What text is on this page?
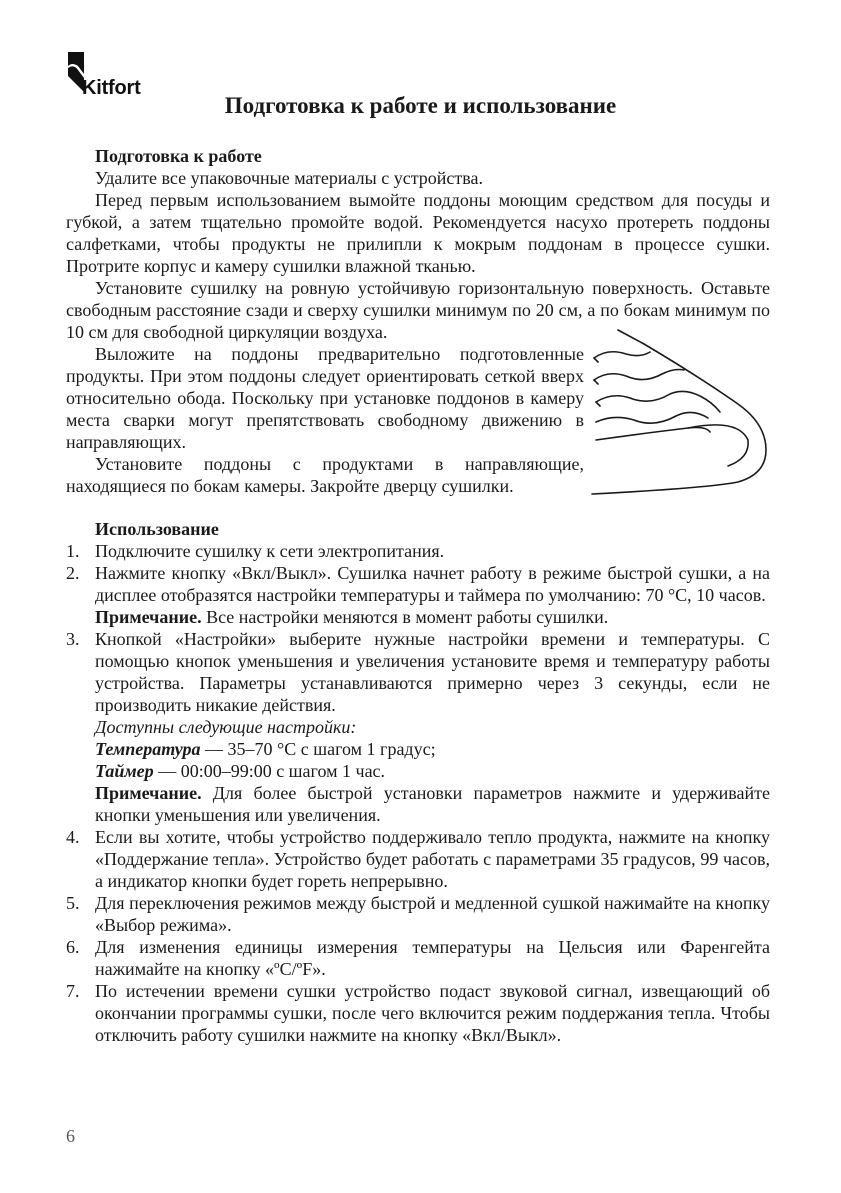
Kitfort
Подготовка к работе и использование

Подготовка к работе

Удалите все упаковочные материалы с устройства.

Перед первым использованием вымойте поддоны моющим средством для посуды и губкой, а затем тщательно промойте водой. Рекомендуется насухо протереть поддоны салфетками, чтобы продукты не прилипли к мокрым поддонам в процессе сушки. Протрите корпус и камеру сушилки влажной тканью.

Установите сушилку на ровную устойчивую горизонтальную поверхность. Оставьте свободным расстояние сзади и сверху сушилки минимум по 20 см, а по бокам минимум по 10 см для свободной циркуляции воздуха.

Выложите на поддоны предварительно подготовленные продукты. При этом поддоны следует ориентировать сеткой вверх относительно обода. Поскольку при установке поддонов в камеру места сварки могут препятствовать свободному движению в направляющих.

Установите поддоны с продуктами в направляющие, находящиеся по бокам камеры. Закройте дверцу сушилки.

Использование

1. Подключите сушилку к сети электропитания.

2. Нажмите кнопку «Вкл/Выкл». Сушилка начнет работу в режиме быстрой сушки, а на дисплее отобразятся настройки температуры и таймера по умолчанию: 70 °С, 10 часов.

Примечание. Все настройки меняются в момент работы сушилки.

3. Кнопкой «Настройки» выберите нужные настройки времени и температуры. С помощью кнопок уменьшения и увеличения установите время и температуру работы устройства. Параметры устанавливаются примерно через 3 секунды, если не производить никакие действия.

Доступны следующие настройки:

Температура — 35–70 °С с шагом 1 градус;

Таймер — 00:00–99:00 с шагом 1 час.

Примечание. Для более быстрой установки параметров нажмите и удерживайте кнопки уменьшения или увеличения.

4. Если вы хотите, чтобы устройство поддерживало тепло продукта, нажмите на кнопку «Поддержание тепла». Устройство будет работать с параметрами 35 градусов, 99 часов, а индикатор кнопки будет гореть непрерывно.

5. Для переключения режимов между быстрой и медленной сушкой нажимайте на кнопку «Выбор режима».

6. Для изменения единицы измерения температуры на Цельсия или Фаренгейта нажимайте на кнопку «ºС/ºF».

7. По истечении времени сушки устройство подаст звуковой сигнал, извещающий об окончании программы сушки, после чего включится режим поддержания тепла. Чтобы отключить работу сушилки нажмите на кнопку «Вкл/Выкл».

6
